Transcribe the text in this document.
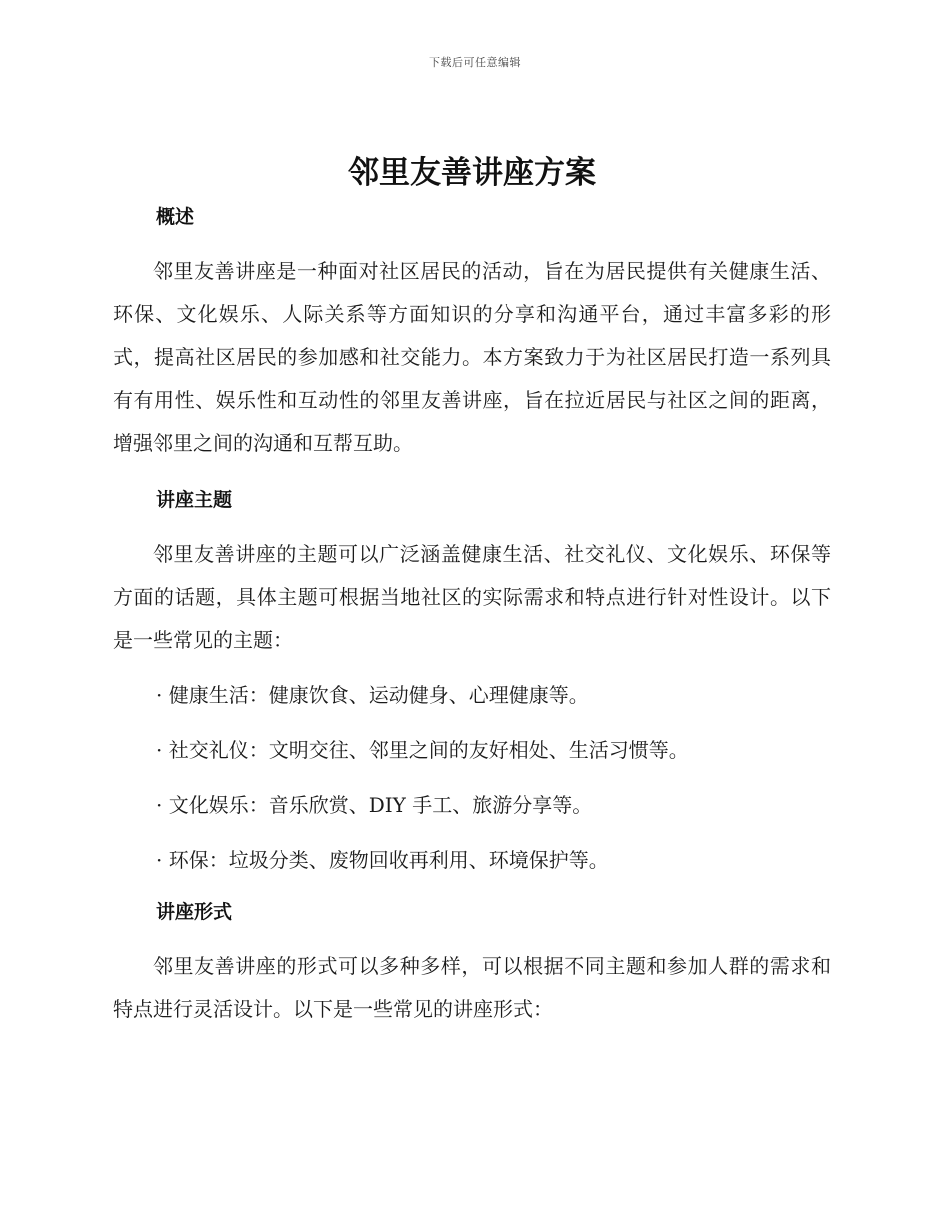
下载后可任意编辑
邻里友善讲座方案
概述

邻里友善讲座是一种面对社区居民的活动，旨在为居民提供有关健康生活、环保、文化娱乐、人际关系等方面知识的分享和沟通平台，通过丰富多彩的形式，提高社区居民的参加感和社交能力。本方案致力于为社区居民打造一系列具有有用性、娱乐性和互动性的邻里友善讲座，旨在拉近居民与社区之间的距离，增强邻里之间的沟通和互帮互助。

讲座主题

邻里友善讲座的主题可以广泛涵盖健康生活、社交礼仪、文化娱乐、环保等方面的话题，具体主题可根据当地社区的实际需求和特点进行针对性设计。以下是一些常见的主题：

· 健康生活：健康饮食、运动健身、心理健康等。

· 社交礼仪：文明交往、邻里之间的友好相处、生活习惯等。

· 文化娱乐：音乐欣赏、DIY 手工、旅游分享等。

· 环保：垃圾分类、废物回收再利用、环境保护等。

讲座形式

邻里友善讲座的形式可以多种多样，可以根据不同主题和参加人群的需求和特点进行灵活设计。以下是一些常见的讲座形式：
